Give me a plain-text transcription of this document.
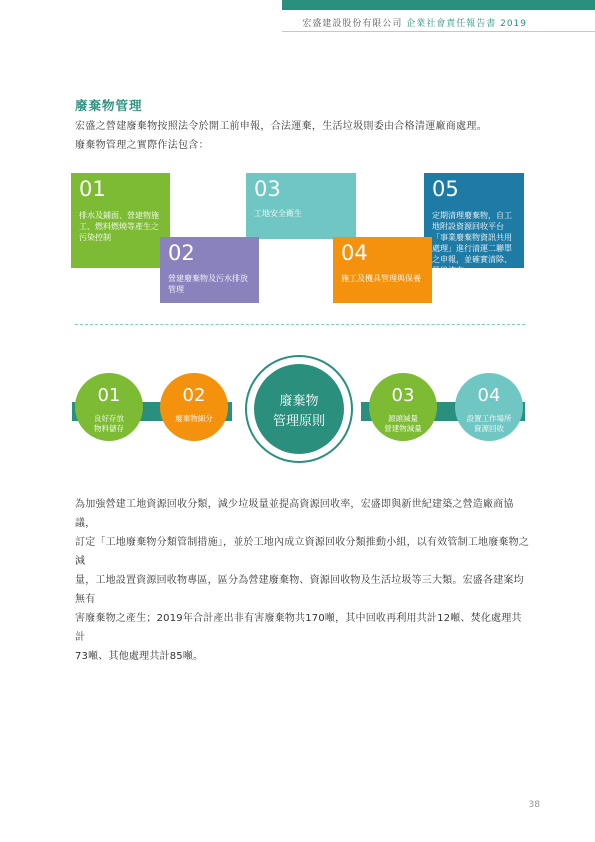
宏盛建設股份有限公司 企業社會責任報告書 2019
廢棄物管理
宏盛之營建廢棄物按照法令於開工前申報，合法運棄，生活垃圾則委由合格清運廠商處理。
廢棄物管理之實際作法包含：
01
排水及鋪面、營建物施工、燃料燃燒等產生之污染控制
03
工地安全衛生
05
定期清理廢棄物，自工地附設資源回收平台「事業廢棄物資訊共用處理」進行清運二聯單之申報，並確實清除、最後流向。
02
營建廢棄物及污水排放管理
04
施工及機具管理與保養
01
良好存放
物料儲存
02
廢棄物細分
03
源頭減量
營建物減量
04
設置工作場所
資源回收
廢棄物
管理原則
為加強營建工地資源回收分類，減少垃圾量並提高資源回收率，宏盛即與新世紀建築之營造廠商協議，
訂定「工地廢棄物分類管制措施」，並於工地內成立資源回收分類推動小組，以有效管制工地廢棄物之減
量，工地設置資源回收物專區，區分為營建廢棄物、資源回收物及生活垃圾等三大類。宏盛各建案均無有
害廢棄物之產生；2019年合計產出非有害廢棄物共170噸，其中回收再利用共計12噸、焚化處理共計
73噸、其他處理共計85噸。
38
